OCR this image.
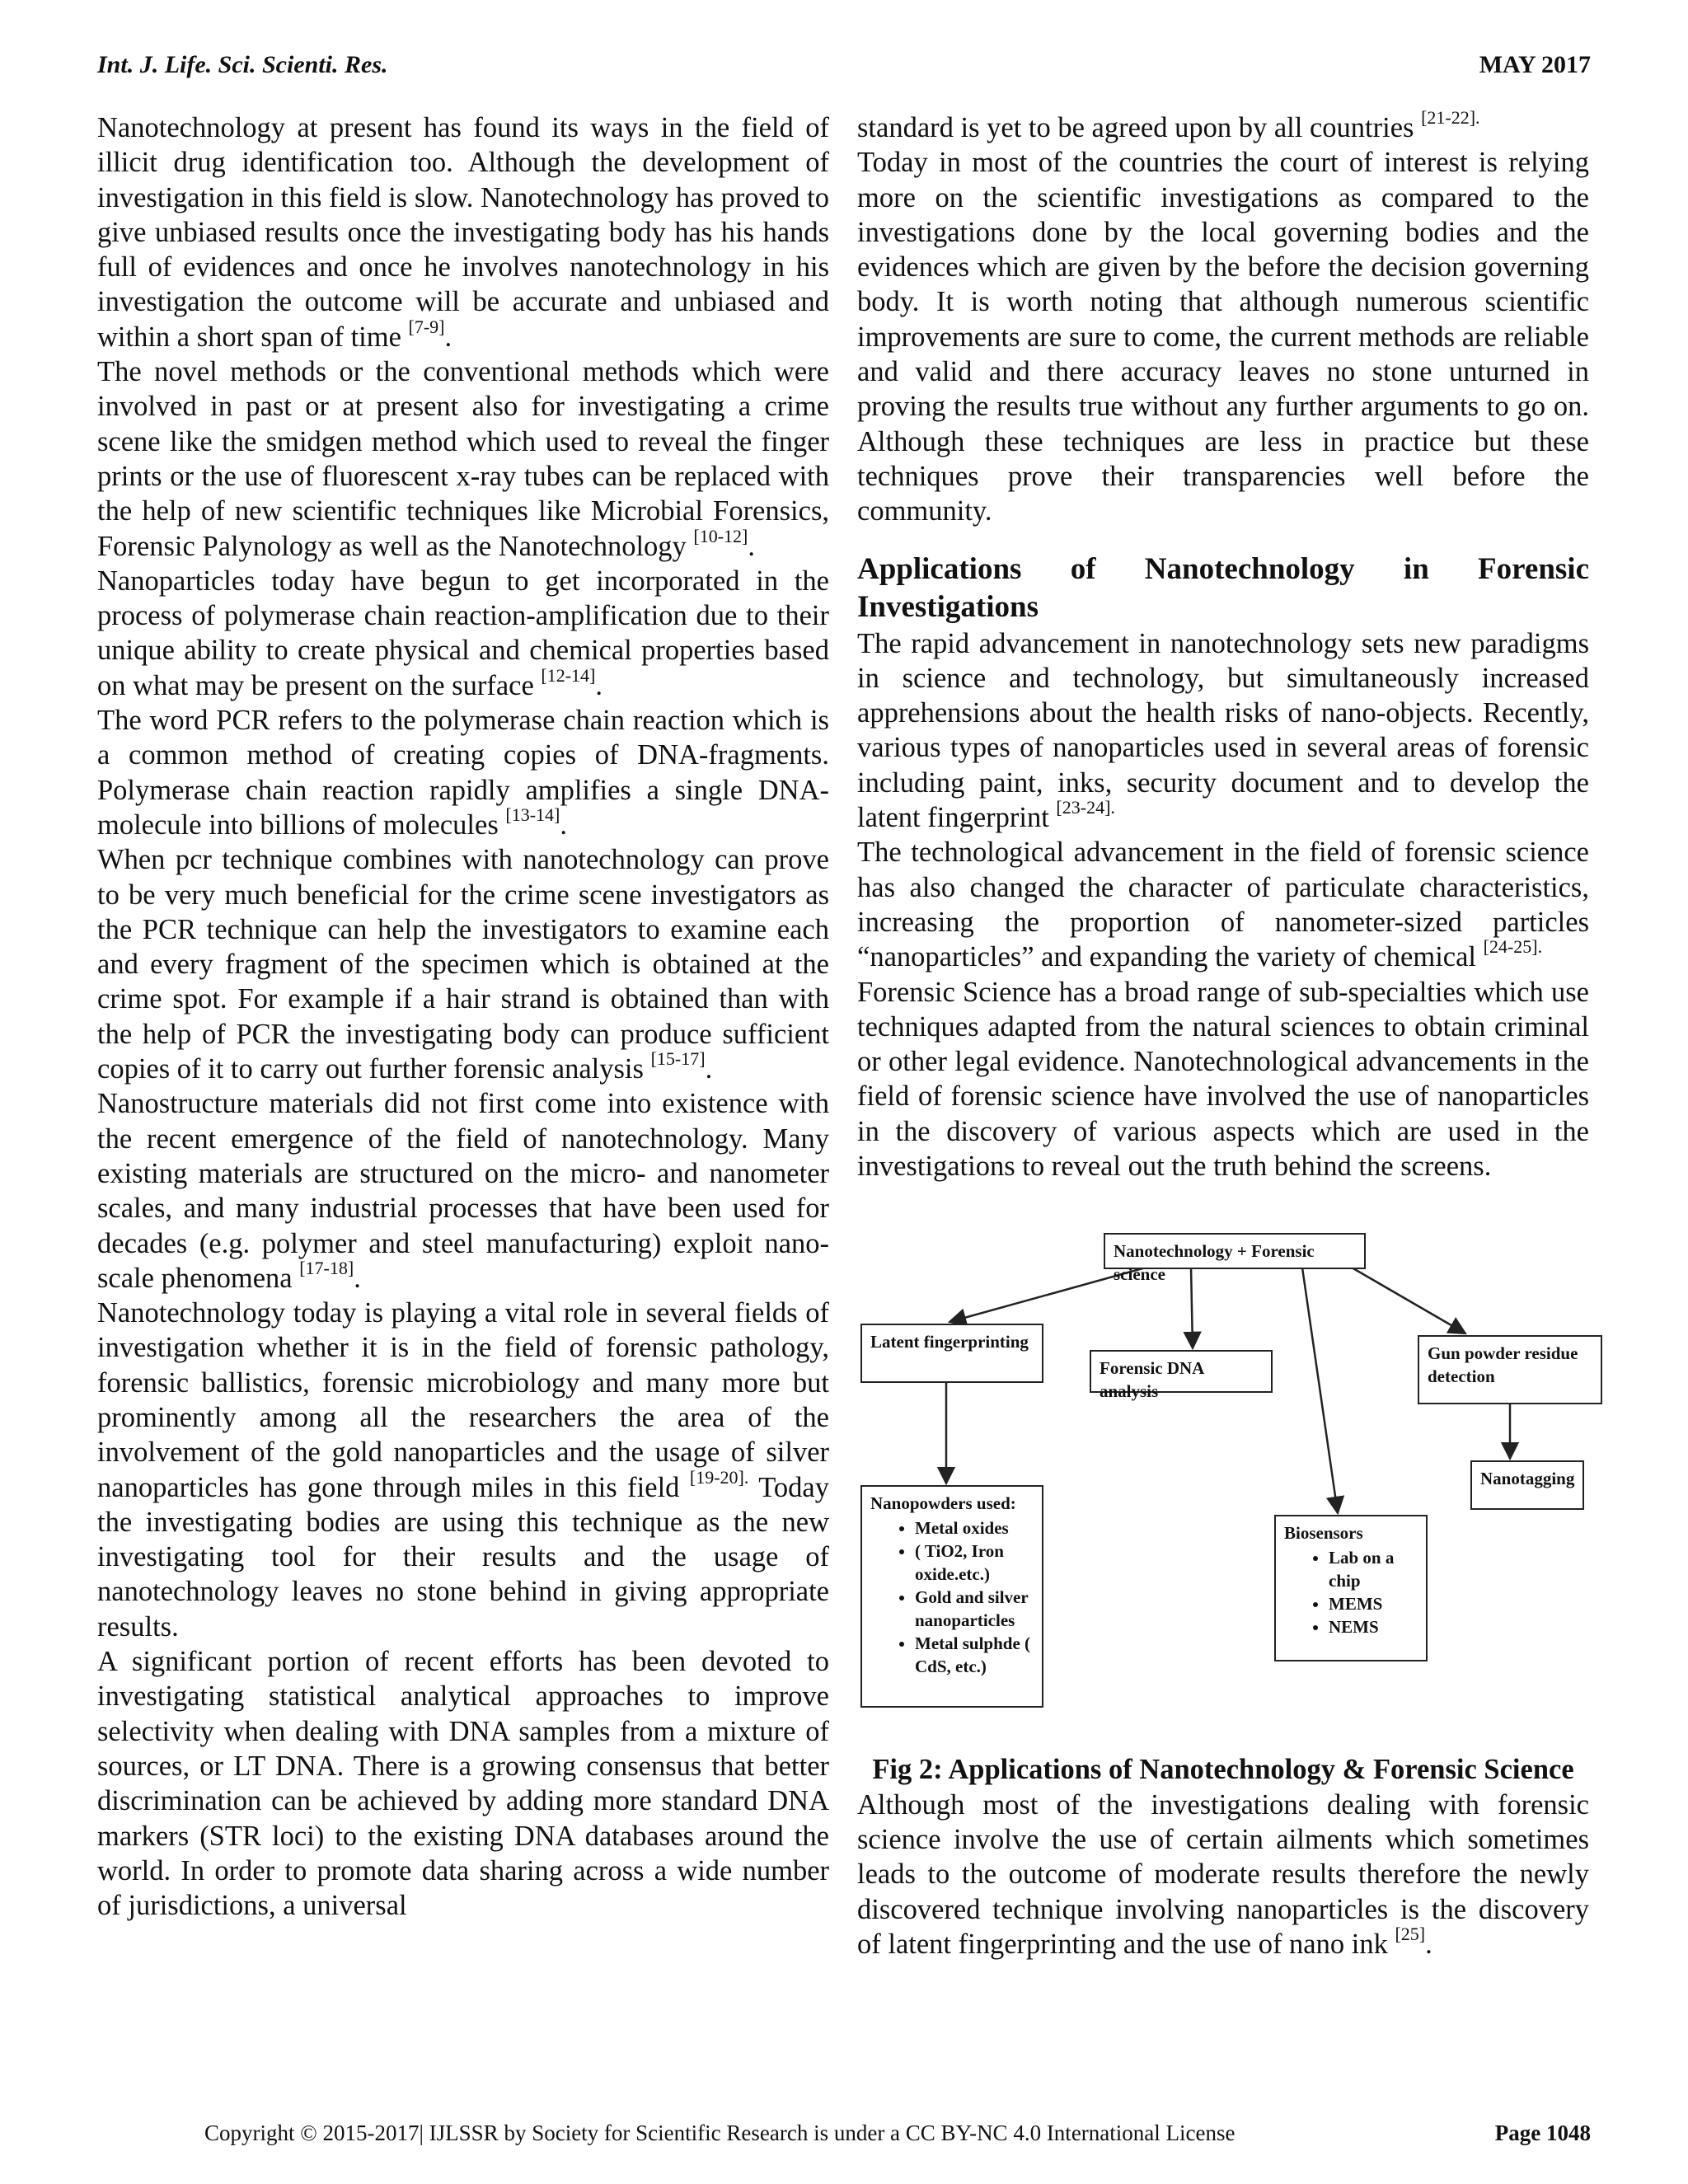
Int. J. Life. Sci. Scienti. Res.	MAY 2017

Nanotechnology at present has found its ways in the field of illicit drug identification too. Although the development of investigation in this field is slow. Nanotechnology has proved to give unbiased results once the investigating body has his hands full of evidences and once he involves nanotechnology in his investigation the outcome will be accurate and unbiased and within a short span of time [7-9].

The novel methods or the conventional methods which were involved in past or at present also for investigating a crime scene like the smidgen method which used to reveal the finger prints or the use of fluorescent x-ray tubes can be replaced with the help of new scientific techniques like Microbial Forensics, Forensic Palynology as well as the Nanotechnology [10-12].

Nanoparticles today have begun to get incorporated in the process of polymerase chain reaction-amplification due to their unique ability to create physical and chemical properties based on what may be present on the surface [12-14].

The word PCR refers to the polymerase chain reaction which is a common method of creating copies of DNA-fragments. Polymerase chain reaction rapidly amplifies a single DNA-molecule into billions of molecules [13-14].

When pcr technique combines with nanotechnology can prove to be very much beneficial for the crime scene investigators as the PCR technique can help the investigators to examine each and every fragment of the specimen which is obtained at the crime spot. For example if a hair strand is obtained than with the help of PCR the investigating body can produce sufficient copies of it to carry out further forensic analysis [15-17].

Nanostructure materials did not first come into existence with the recent emergence of the field of nanotechnology. Many existing materials are structured on the micro- and nanometer scales, and many industrial processes that have been used for decades (e.g. polymer and steel manufacturing) exploit nano-scale phenomena [17-18].

Nanotechnology today is playing a vital role in several fields of investigation whether it is in the field of forensic pathology, forensic ballistics, forensic microbiology and many more but prominently among all the researchers the area of the involvement of the gold nanoparticles and the usage of silver nanoparticles has gone through miles in this field $^{[19-20].}$ Today the investigating bodies are using this technique as the new investigating tool for their results and the usage of nanotechnology leaves no stone behind in giving appropriate results.

A significant portion of recent efforts has been devoted to investigating statistical analytical approaches to improve selectivity when dealing with DNA samples from a mixture of sources, or LT DNA. There is a growing consensus that better discrimination can be achieved by adding more standard DNA markers (STR loci) to the existing DNA databases around the world. In order to promote data sharing across a wide number of jurisdictions, a universal

standard is yet to be agreed upon by all countries $^{[21-22].}$

Today in most of the countries the court of interest is relying more on the scientific investigations as compared to the investigations done by the local governing bodies and the evidences which are given by the before the decision governing body. It is worth noting that although numerous scientific improvements are sure to come, the current methods are reliable and valid and there accuracy leaves no stone unturned in proving the results true without any further arguments to go on. Although these techniques are less in practice but these techniques prove their transparencies well before the community.

Applications of Nanotechnology in Forensic Investigations

The rapid advancement in nanotechnology sets new paradigms in science and technology, but simultaneously increased apprehensions about the health risks of nano-objects. Recently, various types of nanoparticles used in several areas of forensic including paint, inks, security document and to develop the latent fingerprint $^{[23-24].}$

The technological advancement in the field of forensic science has also changed the character of particulate characteristics, increasing the proportion of nanometer-sized particles “nanoparticles” and expanding the variety of chemical $^{[24-25].}$

Forensic Science has a broad range of sub-specialties which use techniques adapted from the natural sciences to obtain criminal or other legal evidence. Nanotechnological advancements in the field of forensic science have involved the use of nanoparticles in the discovery of various aspects which are used in the investigations to reveal out the truth behind the screens.

Nanotechnology + Forensic science
Latent fingerprinting
Forensic DNA analysis
Gun powder residue detection
Nanopowders used:
• Metal oxides
• ( TiO2, Iron oxide.etc.)
• Gold and silver nanoparticles
• Metal sulphde ( CdS, etc.)
Biosensors
• Lab on a chip
• MEMS
• NEMS
Nanotagging
Fig 2: Applications of Nanotechnology & Forensic Science

Although most of the investigations dealing with forensic science involve the use of certain ailments which sometimes leads to the outcome of moderate results therefore the newly discovered technique involving nanoparticles is the discovery of latent fingerprinting and the use of nano ink [25].

Copyright © 2015-2017| IJLSSR by Society for Scientific Research is under a CC BY-NC 4.0 International License	Page 1048
